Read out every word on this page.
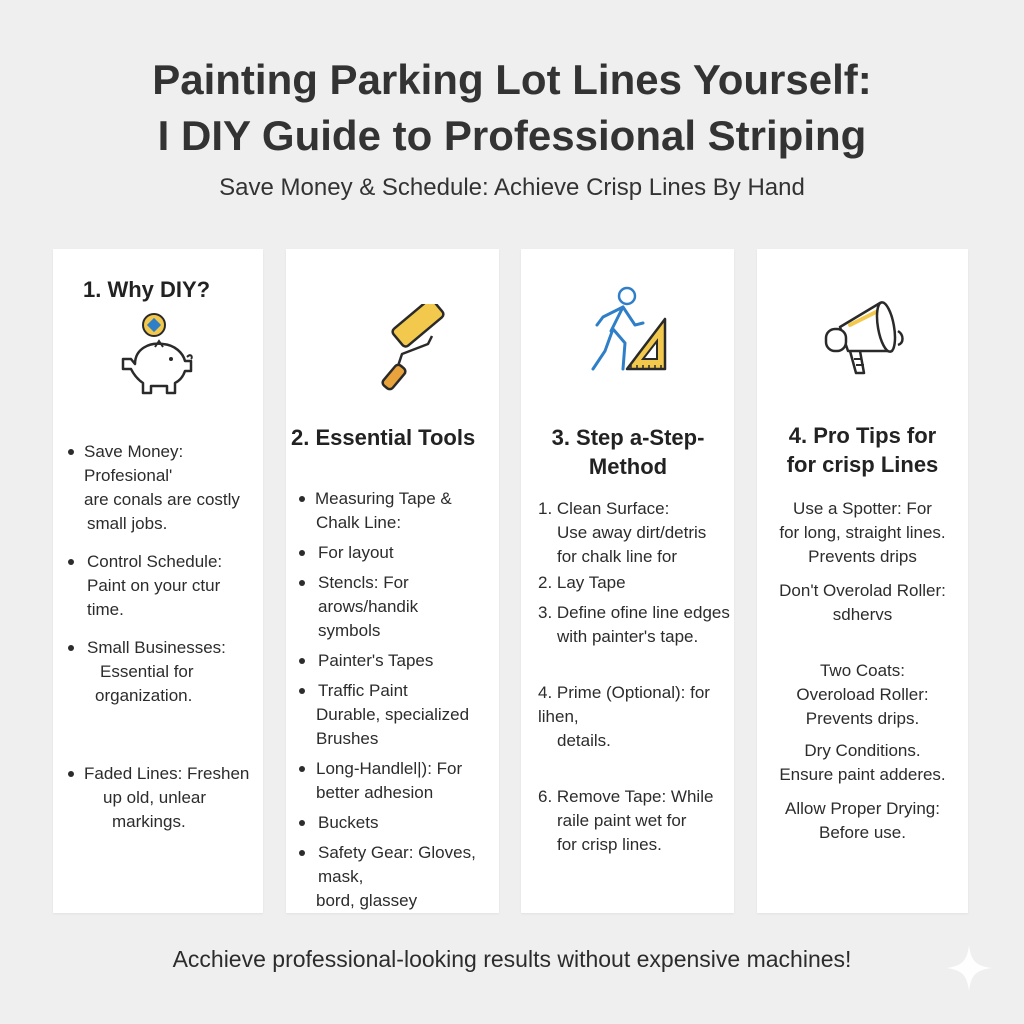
Painting Parking Lot Lines Yourself:
I DIY Guide to Professional Striping
Save Money & Schedule: Achieve Crisp Lines By Hand
1. Why DIY?
Save Money: Profesional'
are conals are costly
small jobs.
Control Schedule:
Paint on your ctur
time.
Small Businesses:
Essential for
organization.
Faded Lines: Freshen
up old, unlear
markings.
2. Essential Tools
Measuring Tape &
Chalk Line:
For layout
Stencls: For arows/handik
symbols
Painter's Tapes
Traffic Paint
Durable, specialized
Brushes
Long-Handlel|): For
better adhesion
Buckets
Safety Gear: Gloves, mask,
bord, glassey
3. Step a-Step-
Method
1. Clean Surface:
Use away dirt/detris
for chalk line for
2. Lay Tape
3. Define ofine line edges
with painter's tape.
4. Prime (Optional): for lihen,
details.
6. Remove Tape: While
raile paint wet for
for crisp lines.
4. Pro Tips for
for crisp Lines
Use a Spotter: For
for long, straight lines.
Prevents drips
Don't Overolad Roller:
sdhervs
Two Coats:
Overoload Roller:
Prevents drips.
Dry Conditions.
Ensure paint adderes.
Allow Proper Drying:
Before use.
Acchieve professional-looking results without expensive machines!
